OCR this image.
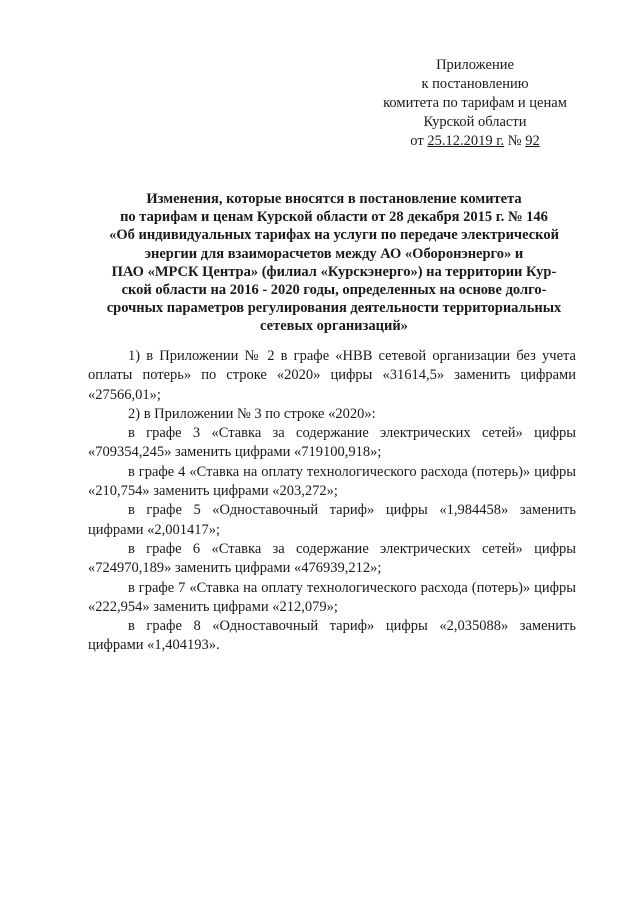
Приложение
к постановлению
комитета по тарифам и ценам
Курской области
от 25.12.2019 г. № 92
Изменения, которые вносятся в постановление комитета
по тарифам и ценам Курской области от 28 декабря 2015 г. № 146
«Об индивидуальных тарифах на услуги по передаче электрической
энергии для взаиморасчетов между АО «Оборонэнерго» и
ПАО «МРСК Центра» (филиал «Курскэнерго») на территории Кур-
ской области на 2016 - 2020 годы, определенных на основе долго-
срочных параметров регулирования деятельности территориальных
сетевых организаций»

1) в Приложении № 2 в графе «НВВ сетевой организации без учета оплаты потерь» по строке «2020» цифры «31614,5» заменить цифрами «27566,01»;

2) в Приложении № 3 по строке «2020»:

в графе 3 «Ставка за содержание электрических сетей» цифры «709354,245» заменить цифрами «719100,918»;

в графе 4 «Ставка на оплату технологического расхода (потерь)» цифры «210,754» заменить цифрами «203,272»;

в графе 5 «Одноставочный тариф» цифры «1,984458» заменить цифрами «2,001417»;

в графе 6 «Ставка за содержание электрических сетей» цифры «724970,189» заменить цифрами «476939,212»;

в графе 7 «Ставка на оплату технологического расхода (потерь)» цифры «222,954» заменить цифрами «212,079»;

в графе 8 «Одноставочный тариф» цифры «2,035088» заменить цифрами «1,404193».
